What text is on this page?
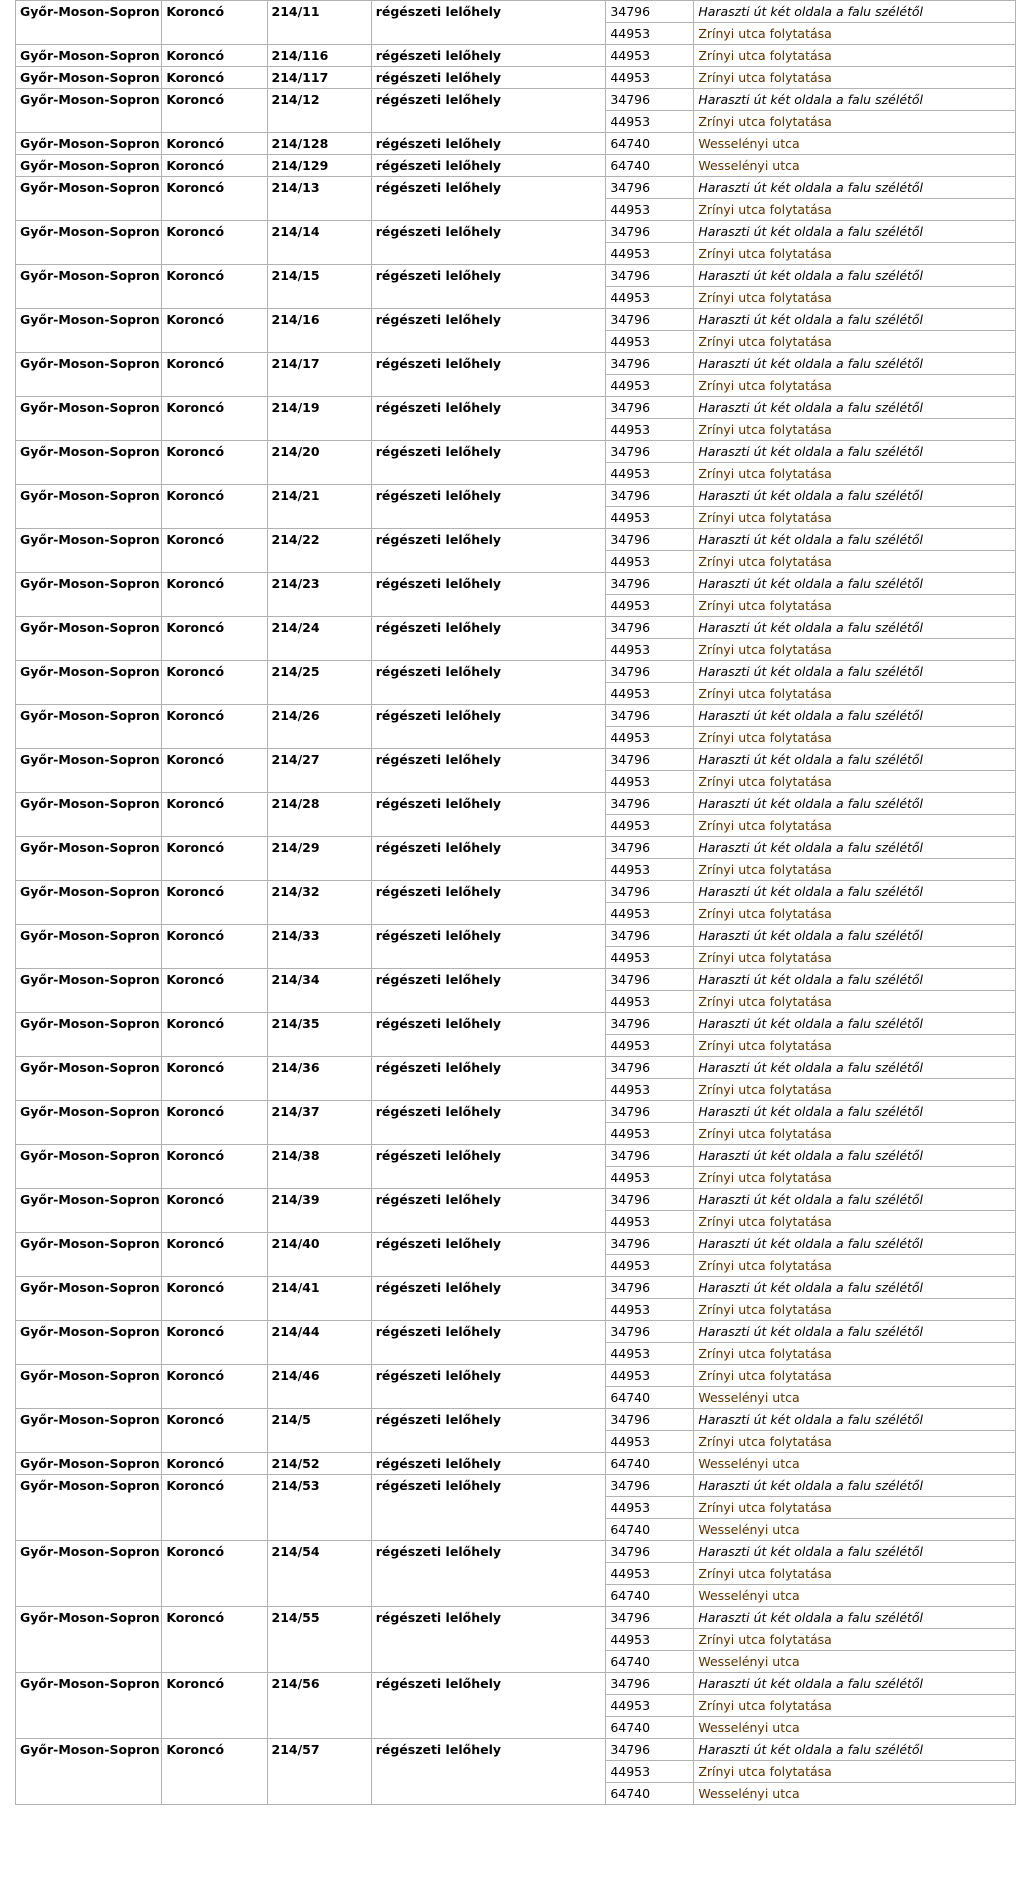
Győr-Moson-Sopron	Koroncó	214/11	régészeti lelőhely	34796	Haraszti út két oldala a falu szélétől
				44953	Zrínyi utca folytatása
Győr-Moson-Sopron	Koroncó	214/116	régészeti lelőhely	44953	Zrínyi utca folytatása
Győr-Moson-Sopron	Koroncó	214/117	régészeti lelőhely	44953	Zrínyi utca folytatása
Győr-Moson-Sopron	Koroncó	214/12	régészeti lelőhely	34796	Haraszti út két oldala a falu szélétől
				44953	Zrínyi utca folytatása
Győr-Moson-Sopron	Koroncó	214/128	régészeti lelőhely	64740	Wesselényi utca
Győr-Moson-Sopron	Koroncó	214/129	régészeti lelőhely	64740	Wesselényi utca
Győr-Moson-Sopron	Koroncó	214/13	régészeti lelőhely	34796	Haraszti út két oldala a falu szélétől
				44953	Zrínyi utca folytatása
Győr-Moson-Sopron	Koroncó	214/14	régészeti lelőhely	34796	Haraszti út két oldala a falu szélétől
				44953	Zrínyi utca folytatása
Győr-Moson-Sopron	Koroncó	214/15	régészeti lelőhely	34796	Haraszti út két oldala a falu szélétől
				44953	Zrínyi utca folytatása
Győr-Moson-Sopron	Koroncó	214/16	régészeti lelőhely	34796	Haraszti út két oldala a falu szélétől
				44953	Zrínyi utca folytatása
Győr-Moson-Sopron	Koroncó	214/17	régészeti lelőhely	34796	Haraszti út két oldala a falu szélétől
				44953	Zrínyi utca folytatása
Győr-Moson-Sopron	Koroncó	214/19	régészeti lelőhely	34796	Haraszti út két oldala a falu szélétől
				44953	Zrínyi utca folytatása
Győr-Moson-Sopron	Koroncó	214/20	régészeti lelőhely	34796	Haraszti út két oldala a falu szélétől
				44953	Zrínyi utca folytatása
Győr-Moson-Sopron	Koroncó	214/21	régészeti lelőhely	34796	Haraszti út két oldala a falu szélétől
				44953	Zrínyi utca folytatása
Győr-Moson-Sopron	Koroncó	214/22	régészeti lelőhely	34796	Haraszti út két oldala a falu szélétől
				44953	Zrínyi utca folytatása
Győr-Moson-Sopron	Koroncó	214/23	régészeti lelőhely	34796	Haraszti út két oldala a falu szélétől
				44953	Zrínyi utca folytatása
Győr-Moson-Sopron	Koroncó	214/24	régészeti lelőhely	34796	Haraszti út két oldala a falu szélétől
				44953	Zrínyi utca folytatása
Győr-Moson-Sopron	Koroncó	214/25	régészeti lelőhely	34796	Haraszti út két oldala a falu szélétől
				44953	Zrínyi utca folytatása
Győr-Moson-Sopron	Koroncó	214/26	régészeti lelőhely	34796	Haraszti út két oldala a falu szélétől
				44953	Zrínyi utca folytatása
Győr-Moson-Sopron	Koroncó	214/27	régészeti lelőhely	34796	Haraszti út két oldala a falu szélétől
				44953	Zrínyi utca folytatása
Győr-Moson-Sopron	Koroncó	214/28	régészeti lelőhely	34796	Haraszti út két oldala a falu szélétől
				44953	Zrínyi utca folytatása
Győr-Moson-Sopron	Koroncó	214/29	régészeti lelőhely	34796	Haraszti út két oldala a falu szélétől
				44953	Zrínyi utca folytatása
Győr-Moson-Sopron	Koroncó	214/32	régészeti lelőhely	34796	Haraszti út két oldala a falu szélétől
				44953	Zrínyi utca folytatása
Győr-Moson-Sopron	Koroncó	214/33	régészeti lelőhely	34796	Haraszti út két oldala a falu szélétől
				44953	Zrínyi utca folytatása
Győr-Moson-Sopron	Koroncó	214/34	régészeti lelőhely	34796	Haraszti út két oldala a falu szélétől
				44953	Zrínyi utca folytatása
Győr-Moson-Sopron	Koroncó	214/35	régészeti lelőhely	34796	Haraszti út két oldala a falu szélétől
				44953	Zrínyi utca folytatása
Győr-Moson-Sopron	Koroncó	214/36	régészeti lelőhely	34796	Haraszti út két oldala a falu szélétől
				44953	Zrínyi utca folytatása
Győr-Moson-Sopron	Koroncó	214/37	régészeti lelőhely	34796	Haraszti út két oldala a falu szélétől
				44953	Zrínyi utca folytatása
Győr-Moson-Sopron	Koroncó	214/38	régészeti lelőhely	34796	Haraszti út két oldala a falu szélétől
				44953	Zrínyi utca folytatása
Győr-Moson-Sopron	Koroncó	214/39	régészeti lelőhely	34796	Haraszti út két oldala a falu szélétől
				44953	Zrínyi utca folytatása
Győr-Moson-Sopron	Koroncó	214/40	régészeti lelőhely	34796	Haraszti út két oldala a falu szélétől
				44953	Zrínyi utca folytatása
Győr-Moson-Sopron	Koroncó	214/41	régészeti lelőhely	34796	Haraszti út két oldala a falu szélétől
				44953	Zrínyi utca folytatása
Győr-Moson-Sopron	Koroncó	214/44	régészeti lelőhely	34796	Haraszti út két oldala a falu szélétől
				44953	Zrínyi utca folytatása
Győr-Moson-Sopron	Koroncó	214/46	régészeti lelőhely	44953	Zrínyi utca folytatása
				64740	Wesselényi utca
Győr-Moson-Sopron	Koroncó	214/5	régészeti lelőhely	34796	Haraszti út két oldala a falu szélétől
				44953	Zrínyi utca folytatása
Győr-Moson-Sopron	Koroncó	214/52	régészeti lelőhely	64740	Wesselényi utca
Győr-Moson-Sopron	Koroncó	214/53	régészeti lelőhely	34796	Haraszti út két oldala a falu szélétől
				44953	Zrínyi utca folytatása
				64740	Wesselényi utca
Győr-Moson-Sopron	Koroncó	214/54	régészeti lelőhely	34796	Haraszti út két oldala a falu szélétől
				44953	Zrínyi utca folytatása
				64740	Wesselényi utca
Győr-Moson-Sopron	Koroncó	214/55	régészeti lelőhely	34796	Haraszti út két oldala a falu szélétől
				44953	Zrínyi utca folytatása
				64740	Wesselényi utca
Győr-Moson-Sopron	Koroncó	214/56	régészeti lelőhely	34796	Haraszti út két oldala a falu szélétől
				44953	Zrínyi utca folytatása
				64740	Wesselényi utca
Győr-Moson-Sopron	Koroncó	214/57	régészeti lelőhely	34796	Haraszti út két oldala a falu szélétől
				44953	Zrínyi utca folytatása
				64740	Wesselényi utca
